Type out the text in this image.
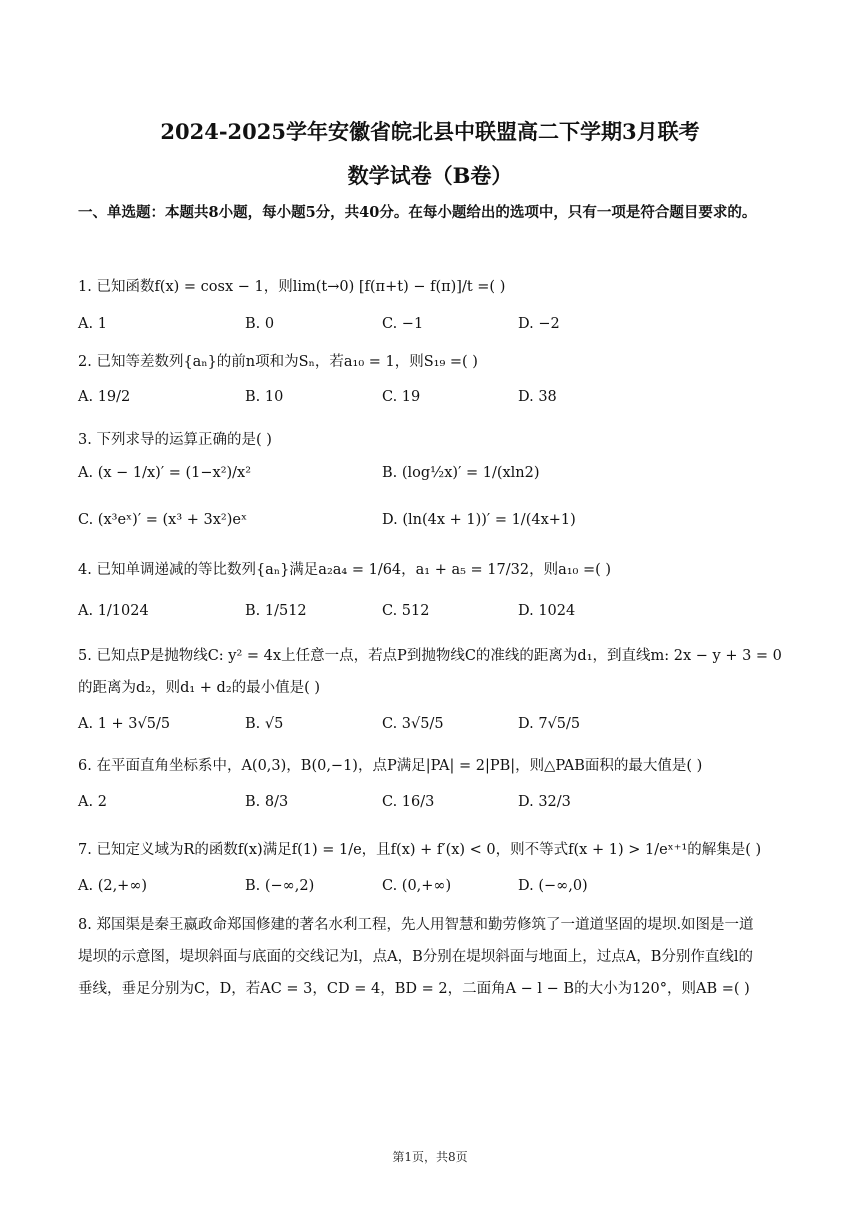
2024-2025学年安徽省皖北县中联盟高二下学期3月联考
数学试卷（B卷）
一、单选题：本题共8小题，每小题5分，共40分。在每小题给出的选项中，只有一项是符合题目要求的。
1. 已知函数f(x) = cosx − 1，则lim(t→0) [f(π+t) − f(π)]/t =( )
A. 1	B. 0	C. −1	D. −2
2. 已知等差数列{aₙ}的前n项和为Sₙ，若a₁₀ = 1，则S₁₉ =( )
A. 19/2	B. 10	C. 19	D. 38
3. 下列求导的运算正确的是( )
A. (x − 1/x)′ = (1−x²)/x²	B. (log½x)′ = 1/(xln2)
C. (x³eˣ)′ = (x³ + 3x²)eˣ	D. (ln(4x + 1))′ = 1/(4x+1)
4. 已知单调递减的等比数列{aₙ}满足a₂a₄ = 1/64，a₁ + a₅ = 17/32，则a₁₀ =( )
A. 1/1024	B. 1/512	C. 512	D. 1024
5. 已知点P是抛物线C: y² = 4x上任意一点，若点P到抛物线C的准线的距离为d₁，到直线m: 2x − y + 3 = 0
的距离为d₂，则d₁ + d₂的最小值是( )
A. 1 + 3√5/5	B. √5	C. 3√5/5	D. 7√5/5
6. 在平面直角坐标系中，A(0,3)，B(0,−1)，点P满足|PA| = 2|PB|，则△PAB面积的最大值是( )
A. 2	B. 8/3	C. 16/3	D. 32/3
7. 已知定义域为R的函数f(x)满足f(1) = 1/e，且f(x) + f′(x) < 0，则不等式f(x + 1) > 1/eˣ⁺¹的解集是( )
A. (2,+∞)	B. (−∞,2)	C. (0,+∞)	D. (−∞,0)
8. 郑国渠是秦王嬴政命郑国修建的著名水利工程，先人用智慧和勤劳修筑了一道道坚固的堤坝.如图是一道
堤坝的示意图，堤坝斜面与底面的交线记为l，点A，B分别在堤坝斜面与地面上，过点A，B分别作直线l的
垂线，垂足分别为C，D，若AC = 3，CD = 4，BD = 2，二面角A − l − B的大小为120°，则AB =( )
第1页，共8页
